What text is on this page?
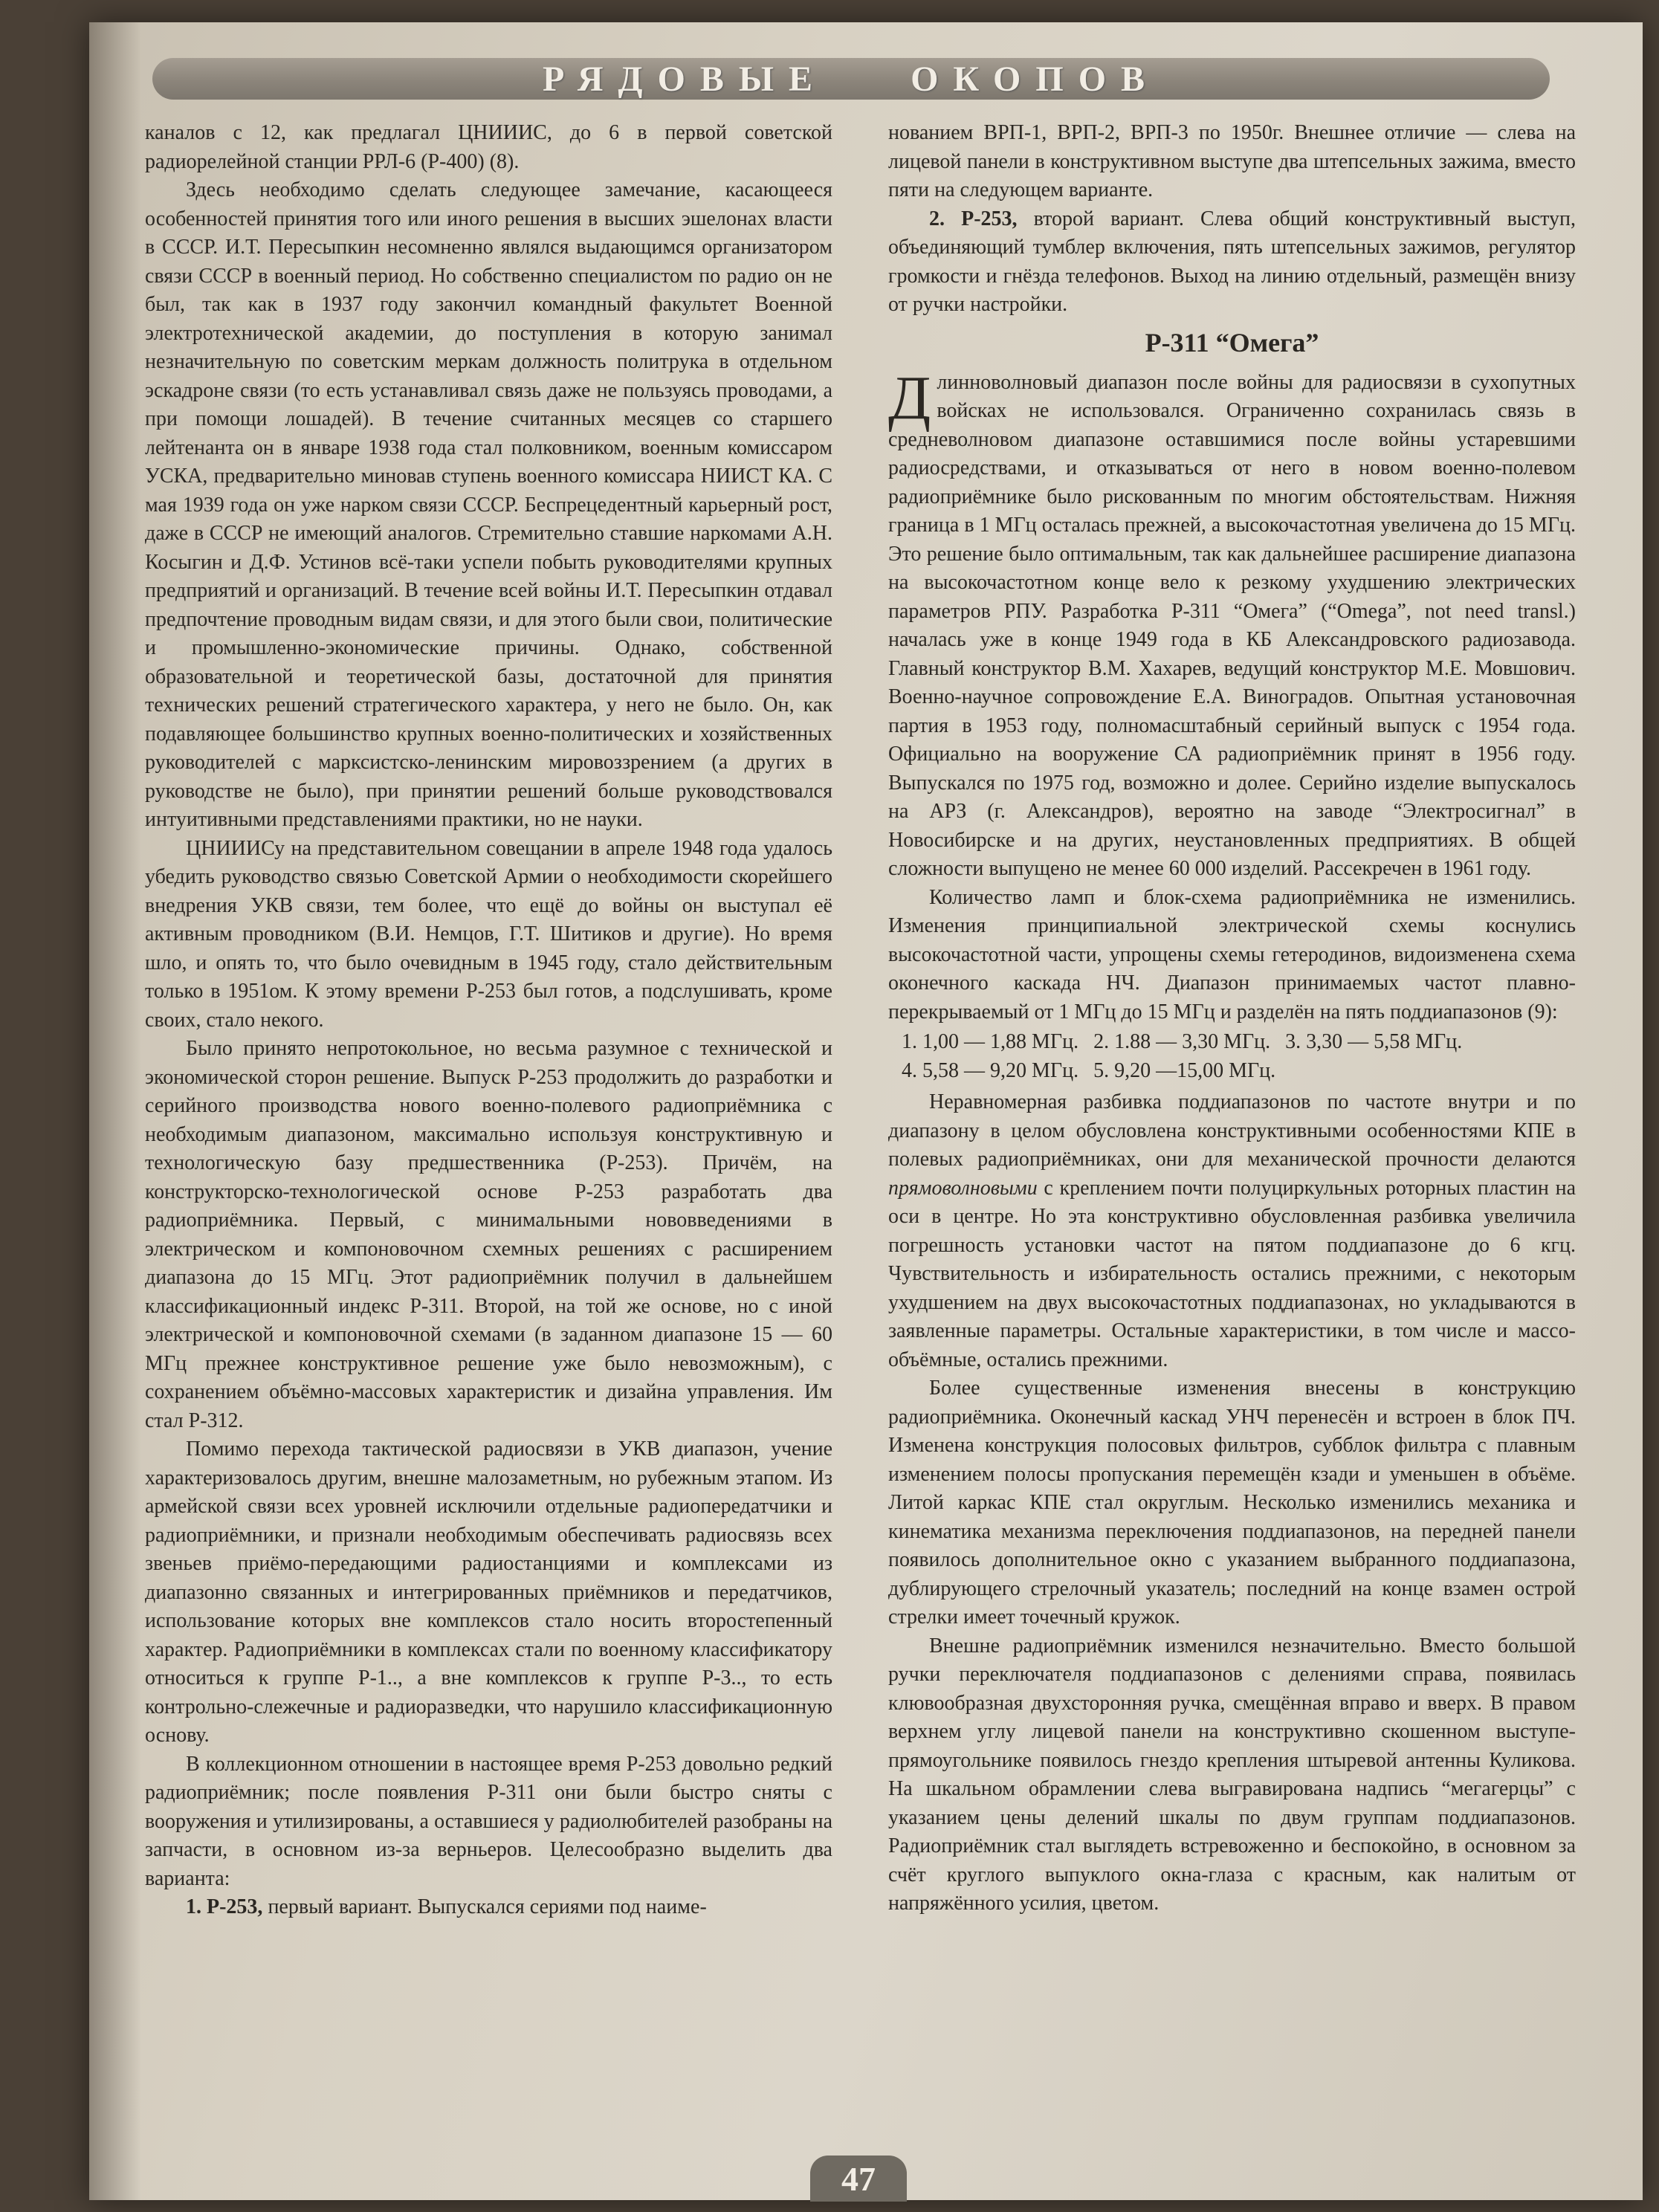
РЯДОВЫЕ ОКОПОВ

каналов с 12, как предлагал ЦНИИИС, до 6 в первой советской радиорелейной станции РРЛ-6 (Р-400) (8).

Здесь необходимо сделать следующее замечание, касающееся особенностей принятия того или иного решения в высших эшелонах власти в СССР. И.Т. Пересыпкин несомненно являлся выдающимся организатором связи СССР в военный период. Но собственно специалистом по радио он не был, так как в 1937 году закончил командный факультет Военной электротехнической академии, до поступления в которую занимал незначительную по советским меркам должность политрука в отдельном эскадроне связи (то есть устанавливал связь даже не пользуясь проводами, а при помощи лошадей). В течение считанных месяцев со старшего лейтенанта он в январе 1938 года стал полковником, военным комиссаром УСКА, предварительно миновав ступень военного комиссара НИИСТ КА. С мая 1939 года он уже нарком связи СССР. Беспрецедентный карьерный рост, даже в СССР не имеющий аналогов. Стремительно ставшие наркомами А.Н. Косыгин и Д.Ф. Устинов всё-таки успели побыть руководителями крупных предприятий и организаций. В течение всей войны И.Т. Пересыпкин отдавал предпочтение проводным видам связи, и для этого были свои, политические и промышленно-экономические причины. Однако, собственной образовательной и теоретической базы, достаточной для принятия технических решений стратегического характера, у него не было. Он, как подавляющее большинство крупных военно-политических и хозяйственных руководителей с марксистско-ленинским мировоззрением (а других в руководстве не было), при принятии решений больше руководствовался интуитивными представлениями практики, но не науки.

ЦНИИИСу на представительном совещании в апреле 1948 года удалось убедить руководство связью Советской Армии о необходимости скорейшего внедрения УКВ связи, тем более, что ещё до войны он выступал её активным проводником (В.И. Немцов, Г.Т. Шитиков и другие). Но время шло, и опять то, что было очевидным в 1945 году, стало действительным только в 1951ом. К этому времени Р-253 был готов, а подслушивать, кроме своих, стало некого.

Было принято непротокольное, но весьма разумное с технической и экономической сторон решение. Выпуск Р-253 продолжить до разработки и серийного производства нового военно-полевого радиоприёмника с необходимым диапазоном, максимально используя конструктивную и технологическую базу предшественника (Р-253). Причём, на конструкторско-технологической основе Р-253 разработать два радиоприёмника. Первый, с минимальными нововведениями в электрическом и компоновочном схемных решениях с расширением диапазона до 15 МГц. Этот радиоприёмник получил в дальнейшем классификационный индекс Р-311. Второй, на той же основе, но с иной электрической и компоновочной схемами (в заданном диапазоне 15 — 60 МГц прежнее конструктивное решение уже было невозможным), с сохранением объёмно-массовых характеристик и дизайна управления. Им стал Р-312.

Помимо перехода тактической радиосвязи в УКВ диапазон, учение характеризовалось другим, внешне малозаметным, но рубежным этапом. Из армейской связи всех уровней исключили отдельные радиопередатчики и радиоприёмники, и признали необходимым обеспечивать радиосвязь всех звеньев приёмо-передающими радиостанциями и комплексами из диапазонно связанных и интегрированных приёмников и передатчиков, использование которых вне комплексов стало носить второстепенный характер. Радиоприёмники в комплексах стали по военному классификатору относиться к группе Р-1.., а вне комплексов к группе Р-3.., то есть контрольно-слежечные и радиоразведки, что нарушило классификационную основу.

В коллекционном отношении в настоящее время Р-253 довольно редкий радиоприёмник; после появления Р-311 они были быстро сняты с вооружения и утилизированы, а оставшиеся у радиолюбителей разобраны на запчасти, в основном из-за верньеров. Целесообразно выделить два варианта:

1. Р-253, первый вариант. Выпускался сериями под наиме-

нованием ВРП-1, ВРП-2, ВРП-3 по 1950г. Внешнее отличие — слева на лицевой панели в конструктивном выступе два штепсельных зажима, вместо пяти на следующем варианте.

2. Р-253, второй вариант. Слева общий конструктивный выступ, объединяющий тумблер включения, пять штепсельных зажимов, регулятор громкости и гнёзда телефонов. Выход на линию отдельный, размещён внизу от ручки настройки.

Р-311 “Омега”

Длинноволновый диапазон после войны для радиосвязи в сухопутных войсках не использовался. Ограниченно сохранилась связь в средневолновом диапазоне оставшимися после войны устаревшими радиосредствами, и отказываться от него в новом военно-полевом радиоприёмнике было рискованным по многим обстоятельствам. Нижняя граница в 1 МГц осталась прежней, а высокочастотная увеличена до 15 МГц. Это решение было оптимальным, так как дальнейшее расширение диапазона на высокочастотном конце вело к резкому ухудшению электрических параметров РПУ. Разработка Р-311 “Омега” (“Omega”, not need transl.) началась уже в конце 1949 года в КБ Александровского радиозавода. Главный конструктор В.М. Хахарев, ведущий конструктор М.Е. Мовшович. Военно-научное сопровождение Е.А. Виноградов. Опытная установочная партия в 1953 году, полномасштабный серийный выпуск с 1954 года. Официально на вооружение СА радиоприёмник принят в 1956 году. Выпускался по 1975 год, возможно и долее. Серийно изделие выпускалось на АРЗ (г. Александров), вероятно на заводе “Электросигнал” в Новосибирске и на других, неустановленных предприятиях. В общей сложности выпущено не менее 60 000 изделий. Рассекречен в 1961 году.

Количество ламп и блок-схема радиоприёмника не изменились. Изменения принципиальной электрической схемы коснулись высокочастотной части, упрощены схемы гетеродинов, видоизменена схема оконечного каскада НЧ. Диапазон принимаемых частот плавно-перекрываемый от 1 МГц до 15 МГц и разделён на пять поддиапазонов (9):

1. 1,00 — 1,88 МГц. 2. 1.88 — 3,30 МГц. 3. 3,30 — 5,58 МГц.
4. 5,58 — 9,20 МГц. 5. 9,20 —15,00 МГц.

Неравномерная разбивка поддиапазонов по частоте внутри и по диапазону в целом обусловлена конструктивными особенностями КПЕ в полевых радиоприёмниках, они для механической прочности делаются прямоволновыми с креплением почти полуциркульных роторных пластин на оси в центре. Но эта конструктивно обусловленная разбивка увеличила погрешность установки частот на пятом поддиапазоне до 6 кгц. Чувствительность и избирательность остались прежними, с некоторым ухудшением на двух высокочастотных поддиапазонах, но укладываются в заявленные параметры. Остальные характеристики, в том числе и массо-объёмные, остались прежними.

Более существенные изменения внесены в конструкцию радиоприёмника. Оконечный каскад УНЧ перенесён и встроен в блок ПЧ. Изменена конструкция полосовых фильтров, субблок фильтра с плавным изменением полосы пропускания перемещён кзади и уменьшен в объёме. Литой каркас КПЕ стал округлым. Несколько изменились механика и кинематика механизма переключения поддиапазонов, на передней панели появилось дополнительное окно с указанием выбранного поддиапазона, дублирующего стрелочный указатель; последний на конце взамен острой стрелки имеет точечный кружок.

Внешне радиоприёмник изменился незначительно. Вместо большой ручки переключателя поддиапазонов с делениями справа, появилась клювообразная двухсторонняя ручка, смещённая вправо и вверх. В правом верхнем углу лицевой панели на конструктивно скошенном выступе-прямоугольнике появилось гнездо крепления штыревой антенны Куликова. На шкальном обрамлении слева выгравирована надпись “мегагерцы” с указанием цены делений шкалы по двум группам поддиапазонов. Радиоприёмник стал выглядеть встревоженно и беспокойно, в основном за счёт круглого выпуклого окна-глаза с красным, как налитым от напряжённого усилия, цветом.

47
